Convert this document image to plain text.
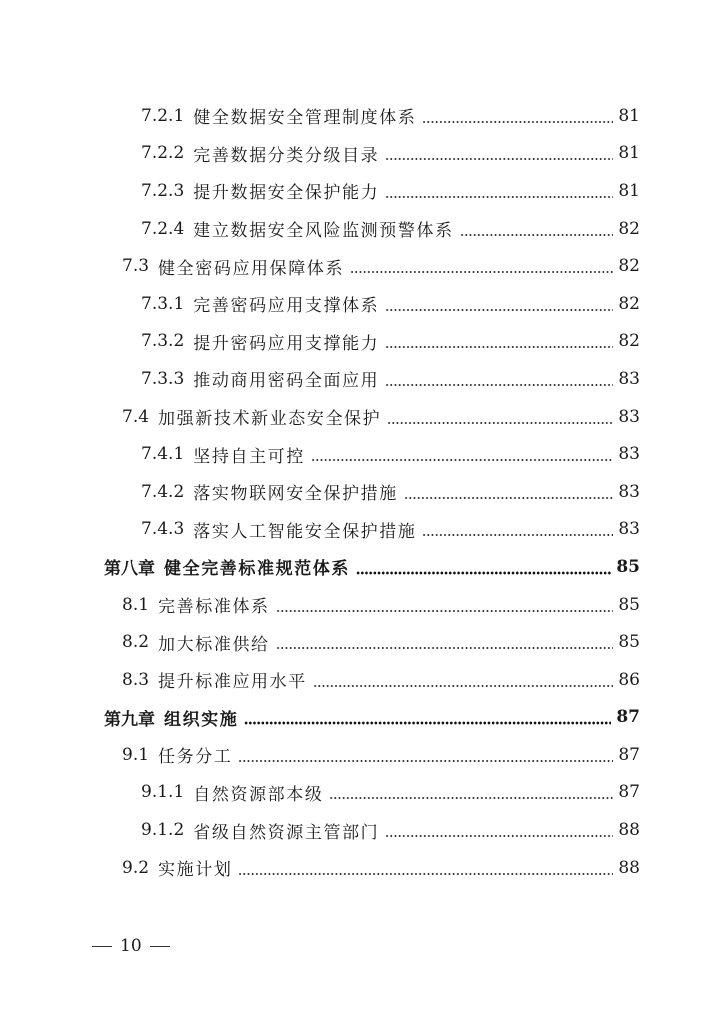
7.2.1 健全数据安全管理制度体系	81
7.2.2 完善数据分类分级目录	81
7.2.3 提升数据安全保护能力	81
7.2.4 建立数据安全风险监测预警体系	82
7.3 健全密码应用保障体系	82
7.3.1 完善密码应用支撑体系	82
7.3.2 提升密码应用支撑能力	82
7.3.3 推动商用密码全面应用	83
7.4 加强新技术新业态安全保护	83
7.4.1 坚持自主可控	83
7.4.2 落实物联网安全保护措施	83
7.4.3 落实人工智能安全保护措施	83
第八章 健全完善标准规范体系	85
8.1 完善标准体系	85
8.2 加大标准供给	85
8.3 提升标准应用水平	86
第九章 组织实施	87
9.1 任务分工	87
9.1.1 自然资源部本级	87
9.1.2 省级自然资源主管部门	88
9.2 实施计划	88
10
